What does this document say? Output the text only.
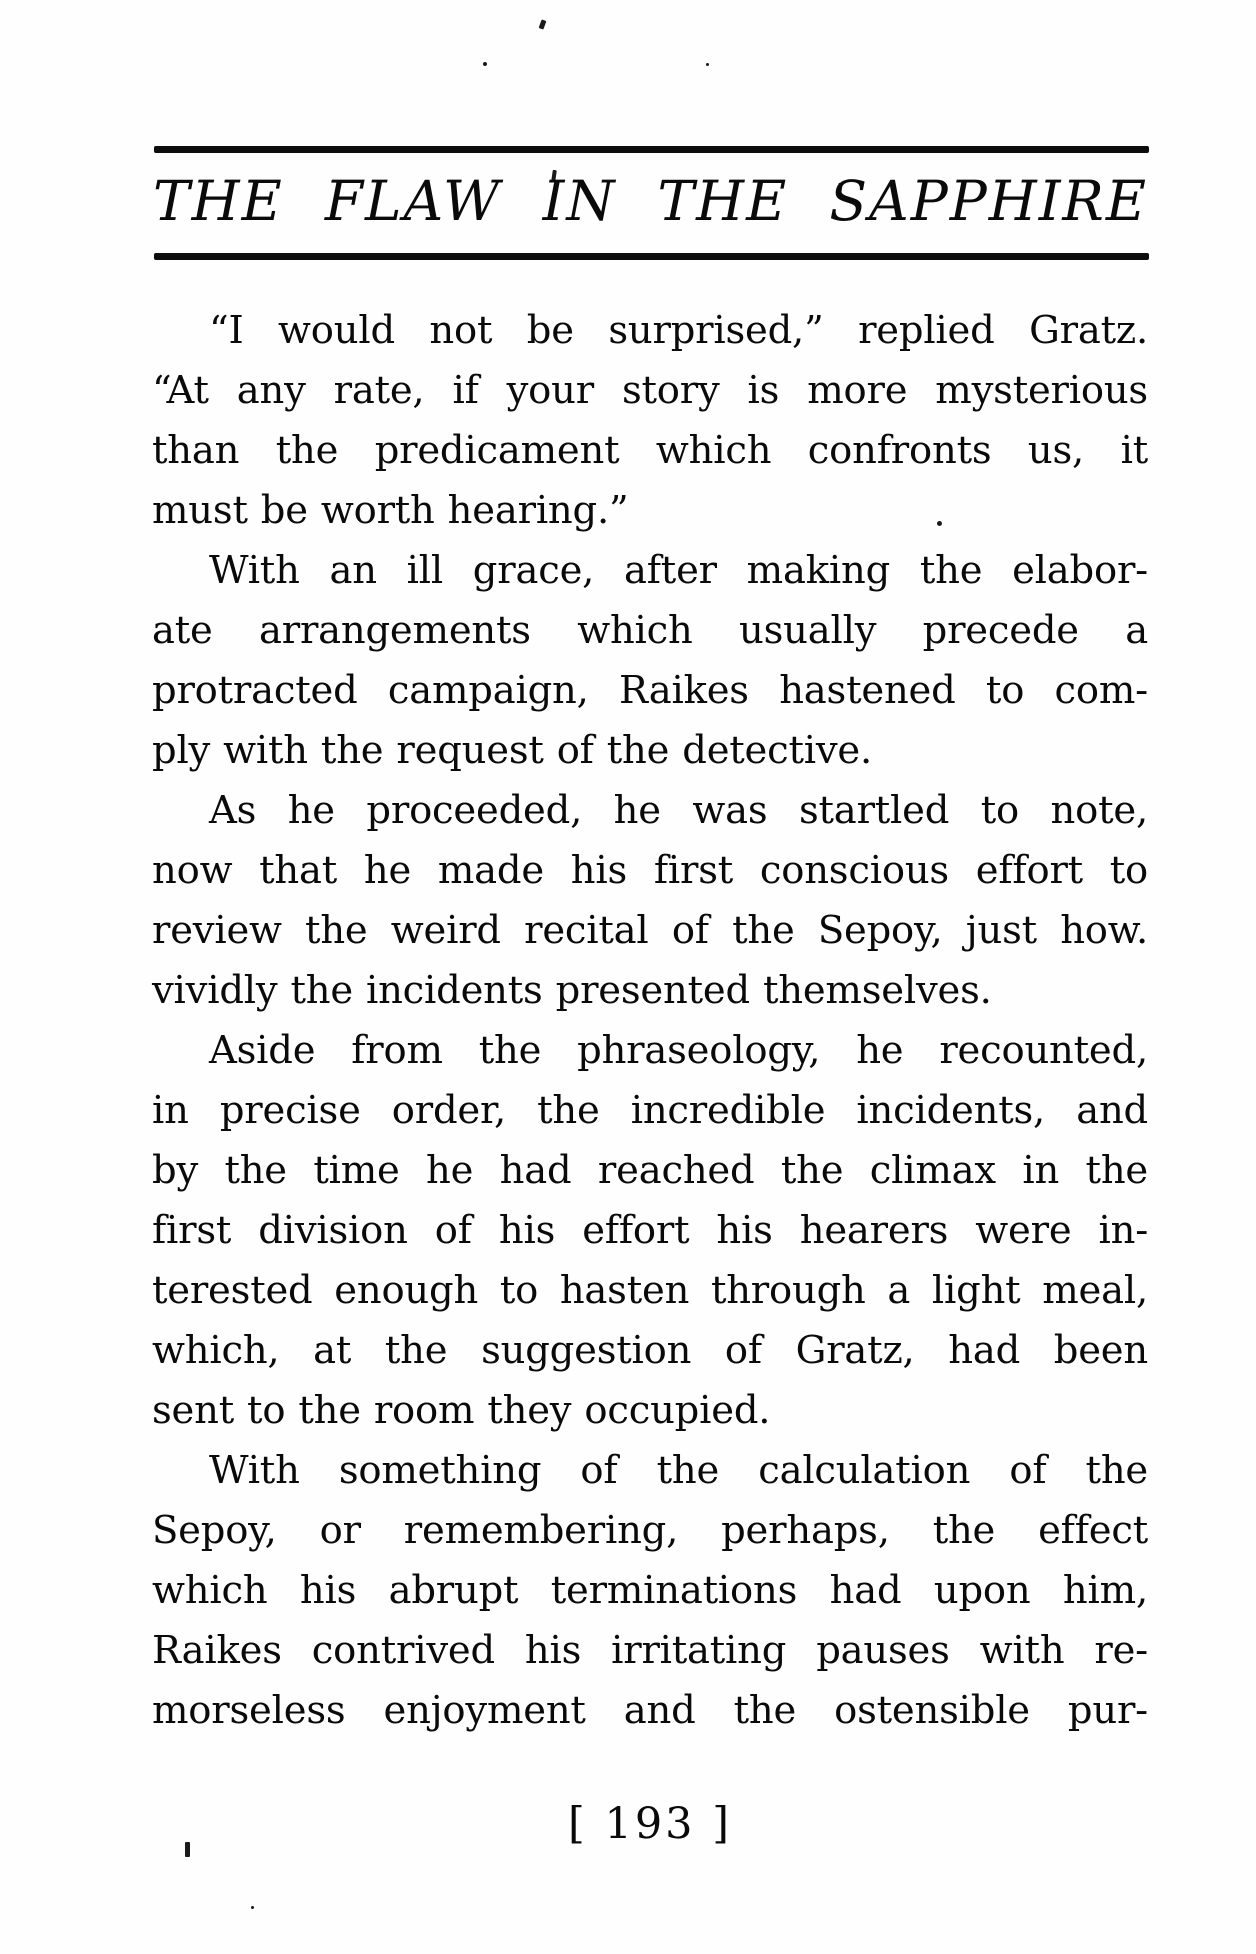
THE FLAW IN THE SAPPHIRE
“I would not be surprised,” replied Gratz.
“At any rate, if your story is more mysterious
than the predicament which confronts us, it
must be worth hearing.”
With an ill grace, after making the elabor-
ate arrangements which usually precede a
protracted campaign, Raikes hastened to com-
ply with the request of the detective.
As he proceeded, he was startled to note,
now that he made his first conscious effort to
review the weird recital of the Sepoy, just how.
vividly the incidents presented themselves.
Aside from the phraseology, he recounted,
in precise order, the incredible incidents, and
by the time he had reached the climax in the
first division of his effort his hearers were in-
terested enough to hasten through a light meal,
which, at the suggestion of Gratz, had been
sent to the room they occupied.
With something of the calculation of the
Sepoy, or remembering, perhaps, the effect
which his abrupt terminations had upon him,
Raikes contrived his irritating pauses with re-
morseless enjoyment and the ostensible pur-
[ 193 ]
